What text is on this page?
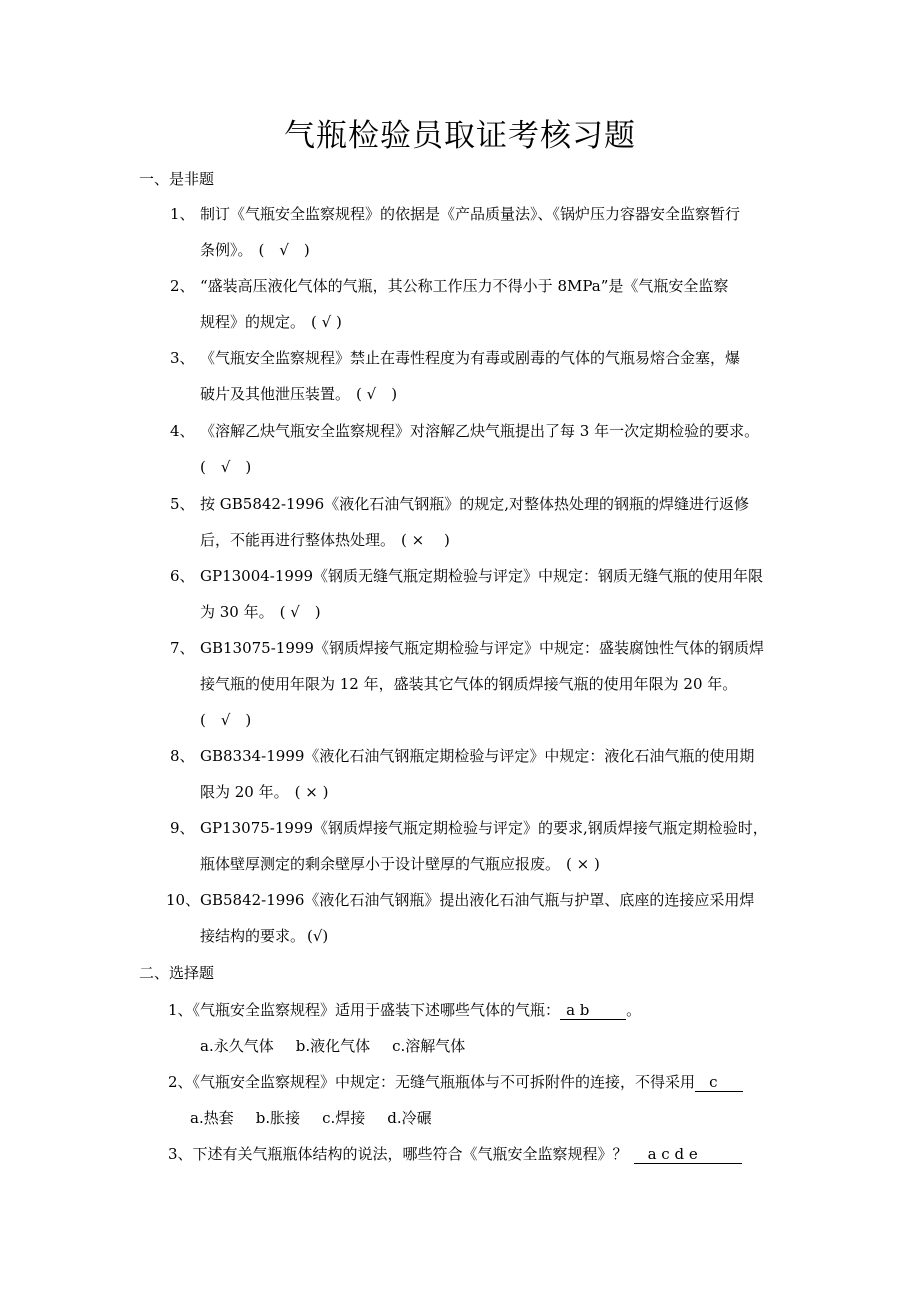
气瓶检验员取证考核习题
一、是非题
1、 制订《气瓶安全监察规程》的依据是《产品质量法》、《锅炉压力容器安全监察暂行
条例》。 (　√　)
2、 “盛装高压液化气体的气瓶，其公称工作压力不得小于 8MPa”是《气瓶安全监察
规程》的规定。 ( √ )
3、 《气瓶安全监察规程》禁止在毒性程度为有毒或剧毒的气体的气瓶易熔合金塞，爆
破片及其他泄压装置。 ( √　)
4、 《溶解乙炔气瓶安全监察规程》对溶解乙炔气瓶提出了每 3 年一次定期检验的要求。
(　√　)
5、 按 GB5842-1996《液化石油气钢瓶》的规定,对整体热处理的钢瓶的焊缝进行返修
后，不能再进行整体热处理。 ( ×　 )
6、 GP13004-1999《钢质无缝气瓶定期检验与评定》中规定：钢质无缝气瓶的使用年限
为 30 年。 ( √　)
7、 GB13075-1999《钢质焊接气瓶定期检验与评定》中规定：盛装腐蚀性气体的钢质焊
接气瓶的使用年限为 12 年，盛装其它气体的钢质焊接气瓶的使用年限为 20 年。
(　√　)
8、 GB8334-1999《液化石油气钢瓶定期检验与评定》中规定：液化石油气瓶的使用期
限为 20 年。 ( × )
9、 GP13075-1999《钢质焊接气瓶定期检验与评定》的要求,钢质焊接气瓶定期检验时，
瓶体壁厚测定的剩余壁厚小于设计壁厚的气瓶应报废。 ( × )
10、GB5842-1996《液化石油气钢瓶》提出液化石油气瓶与护罩、底座的连接应采用焊
接结构的要求。 (√)
二、选择题
1、《气瓶安全监察规程》适用于盛装下述哪些气体的气瓶： a b 。
a.永久气体 b.液化气体 c.溶解气体
2、《气瓶安全监察规程》中规定：无缝气瓶瓶体与不可拆附件的连接，不得采用 c
a.热套 b.胀接 c.焊接 d.冷碾
3、下述有关气瓶瓶体结构的说法，哪些符合《气瓶安全监察规程》？ a c d e
